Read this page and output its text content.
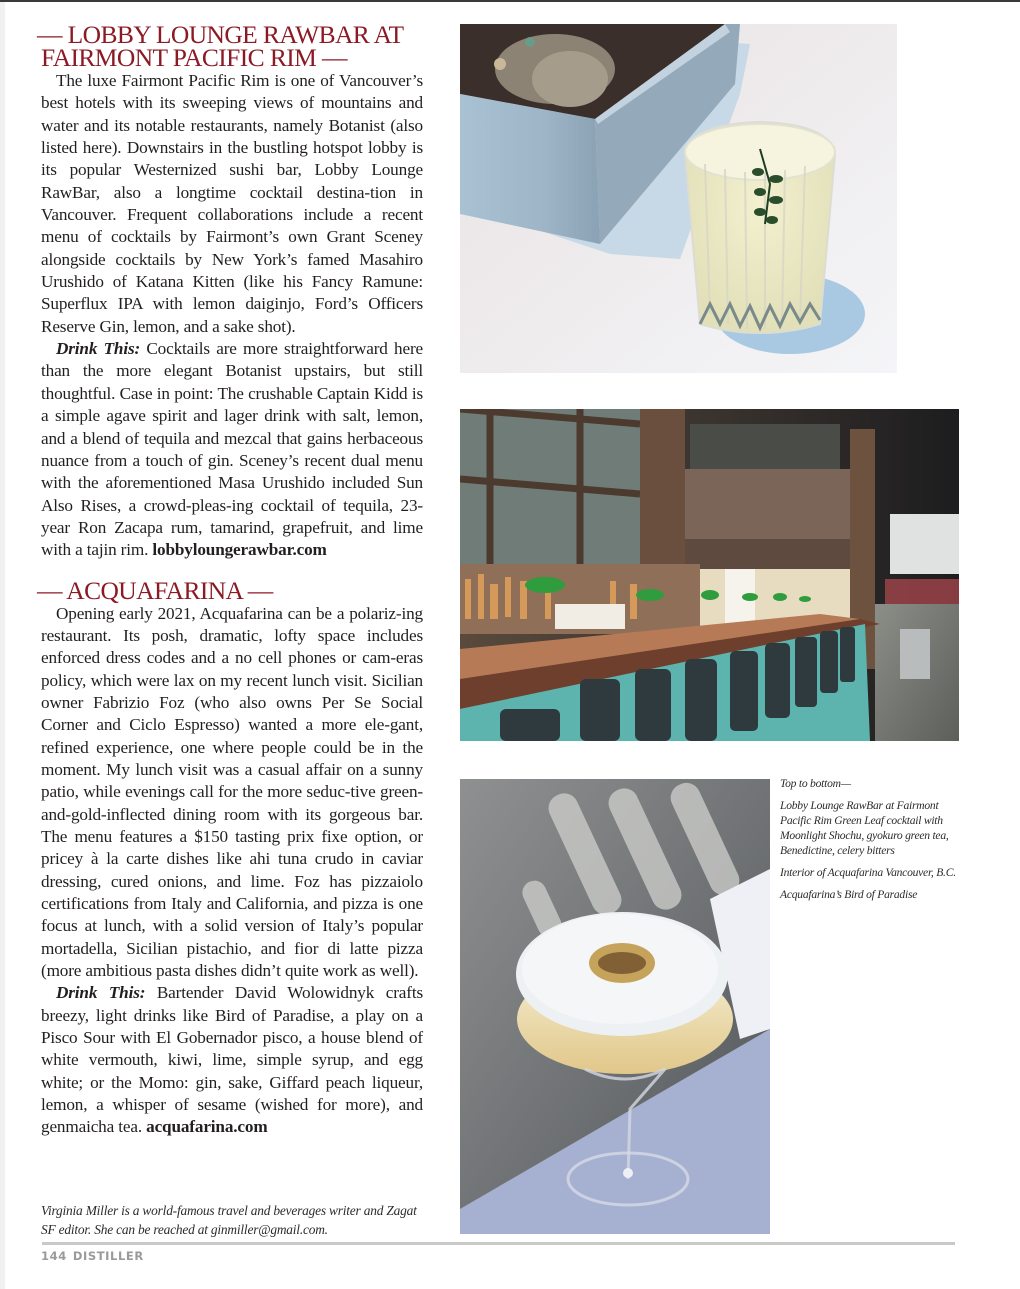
— LOBBY LOUNGE RAWBAR AT FAIRMONT PACIFIC RIM —

The luxe Fairmont Pacific Rim is one of Vancouver’s best hotels with its sweeping views of mountains and water and its notable restaurants, namely Botanist (also listed here). Downstairs in the bustling hotspot lobby is its popular Westernized sushi bar, Lobby Lounge RawBar, also a longtime cocktail destina-tion in Vancouver. Frequent collaborations include a recent menu of cocktails by Fairmont’s own Grant Sceney alongside cocktails by New York’s famed Masahiro Urushido of Katana Kitten (like his Fancy Ramune: Superflux IPA with lemon daiginjo, Ford’s Officers Reserve Gin, lemon, and a sake shot).

Drink This: Cocktails are more straightforward here than the more elegant Botanist upstairs, but still thoughtful. Case in point: The crushable Captain Kidd is a simple agave spirit and lager drink with salt, lemon, and a blend of tequila and mezcal that gains herbaceous nuance from a touch of gin. Sceney’s recent dual menu with the aforementioned Masa Urushido included Sun Also Rises, a crowd-pleas-ing cocktail of tequila, 23-year Ron Zacapa rum, tamarind, grapefruit, and lime with a tajin rim. lobbyloungerawbar.com

— ACQUAFARINA —

Opening early 2021, Acquafarina can be a polariz-ing restaurant. Its posh, dramatic, lofty space includes enforced dress codes and a no cell phones or cam-eras policy, which were lax on my recent lunch visit. Sicilian owner Fabrizio Foz (who also owns Per Se Social Corner and Ciclo Espresso) wanted a more ele-gant, refined experience, one where people could be in the moment. My lunch visit was a casual affair on a sunny patio, while evenings call for the more seduc-tive green-and-gold-inflected dining room with its gorgeous bar. The menu features a $150 tasting prix fixe option, or pricey à la carte dishes like ahi tuna crudo in caviar dressing, cured onions, and lime. Foz has pizzaiolo certifications from Italy and California, and pizza is one focus at lunch, with a solid version of Italy’s popular mortadella, Sicilian pistachio, and fior di latte pizza (more ambitious pasta dishes didn’t quite work as well).

Drink This: Bartender David Wolowidnyk crafts breezy, light drinks like Bird of Paradise, a play on a Pisco Sour with El Gobernador pisco, a house blend of white vermouth, kiwi, lime, simple syrup, and egg white; or the Momo: gin, sake, Giffard peach liqueur, lemon, a whisper of sesame (wished for more), and genmaicha tea. acquafarina.com

Virginia Miller is a world-famous travel and beverages writer and Zagat SF editor. She can be reached at ginmiller@gmail.com.
144 DISTILLER

Top to bottom—

Lobby Lounge RawBar at Fairmont Pacific Rim Green Leaf cocktail with Moonlight Shochu, gyokuro green tea, Benedictine, celery bitters

Interior of Acquafarina Vancouver, B.C.

Acquafarina’s Bird of Paradise
